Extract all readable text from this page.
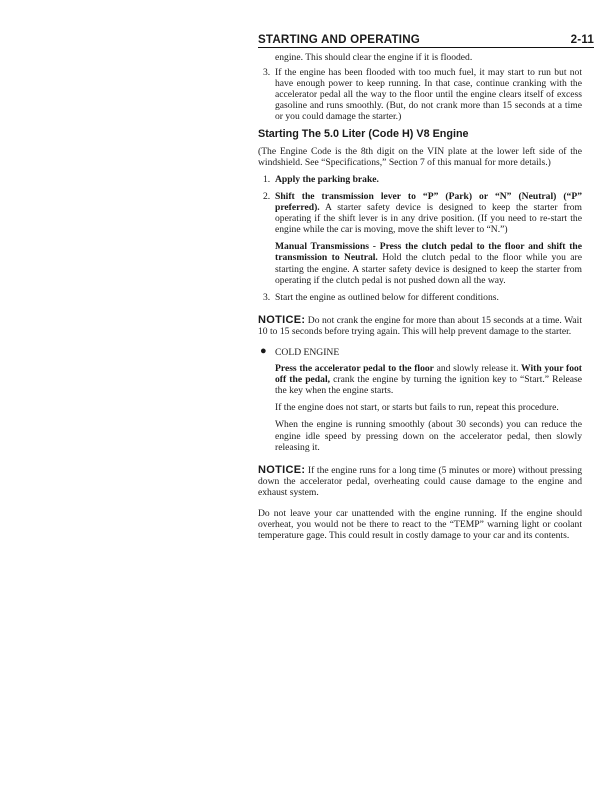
STARTING AND OPERATING	2-11

engine. This should clear the engine if it is flooded.

3. If the engine has been flooded with too much fuel, it may start to run but not have enough power to keep running. In that case, continue cranking with the accelerator pedal all the way to the floor until the engine clears itself of excess gasoline and runs smoothly. (But, do not crank more than 15 seconds at a time or you could damage the starter.)

Starting The 5.0 Liter (Code H) V8 Engine

(The Engine Code is the 8th digit on the VIN plate at the lower left side of the windshield. See “Specifications,” Section 7 of this manual for more details.)

1. Apply the parking brake.

2. Shift the transmission lever to “P” (Park) or “N” (Neutral) (“P” preferred). A starter safety device is designed to keep the starter from operating if the shift lever is in any drive position. (If you need to re-start the engine while the car is moving, move the shift lever to “N.”)

Manual Transmissions - Press the clutch pedal to the floor and shift the transmission to Neutral. Hold the clutch pedal to the floor while you are starting the engine. A starter safety device is designed to keep the starter from operating if the clutch pedal is not pushed down all the way.

3. Start the engine as outlined below for different conditions.

NOTICE: Do not crank the engine for more than about 15 seconds at a time. Wait 10 to 15 seconds before trying again. This will help prevent damage to the starter.

● COLD ENGINE

Press the accelerator pedal to the floor and slowly release it. With your foot off the pedal, crank the engine by turning the ignition key to “Start.” Release the key when the engine starts.

If the engine does not start, or starts but fails to run, repeat this procedure.

When the engine is running smoothly (about 30 seconds) you can reduce the engine idle speed by pressing down on the accelerator pedal, then slowly releasing it.

NOTICE: If the engine runs for a long time (5 minutes or more) without pressing down the accelerator pedal, overheating could cause damage to the engine and exhaust system.

Do not leave your car unattended with the engine running. If the engine should overheat, you would not be there to react to the “TEMP” warning light or coolant temperature gage. This could result in costly damage to your car and its contents.
